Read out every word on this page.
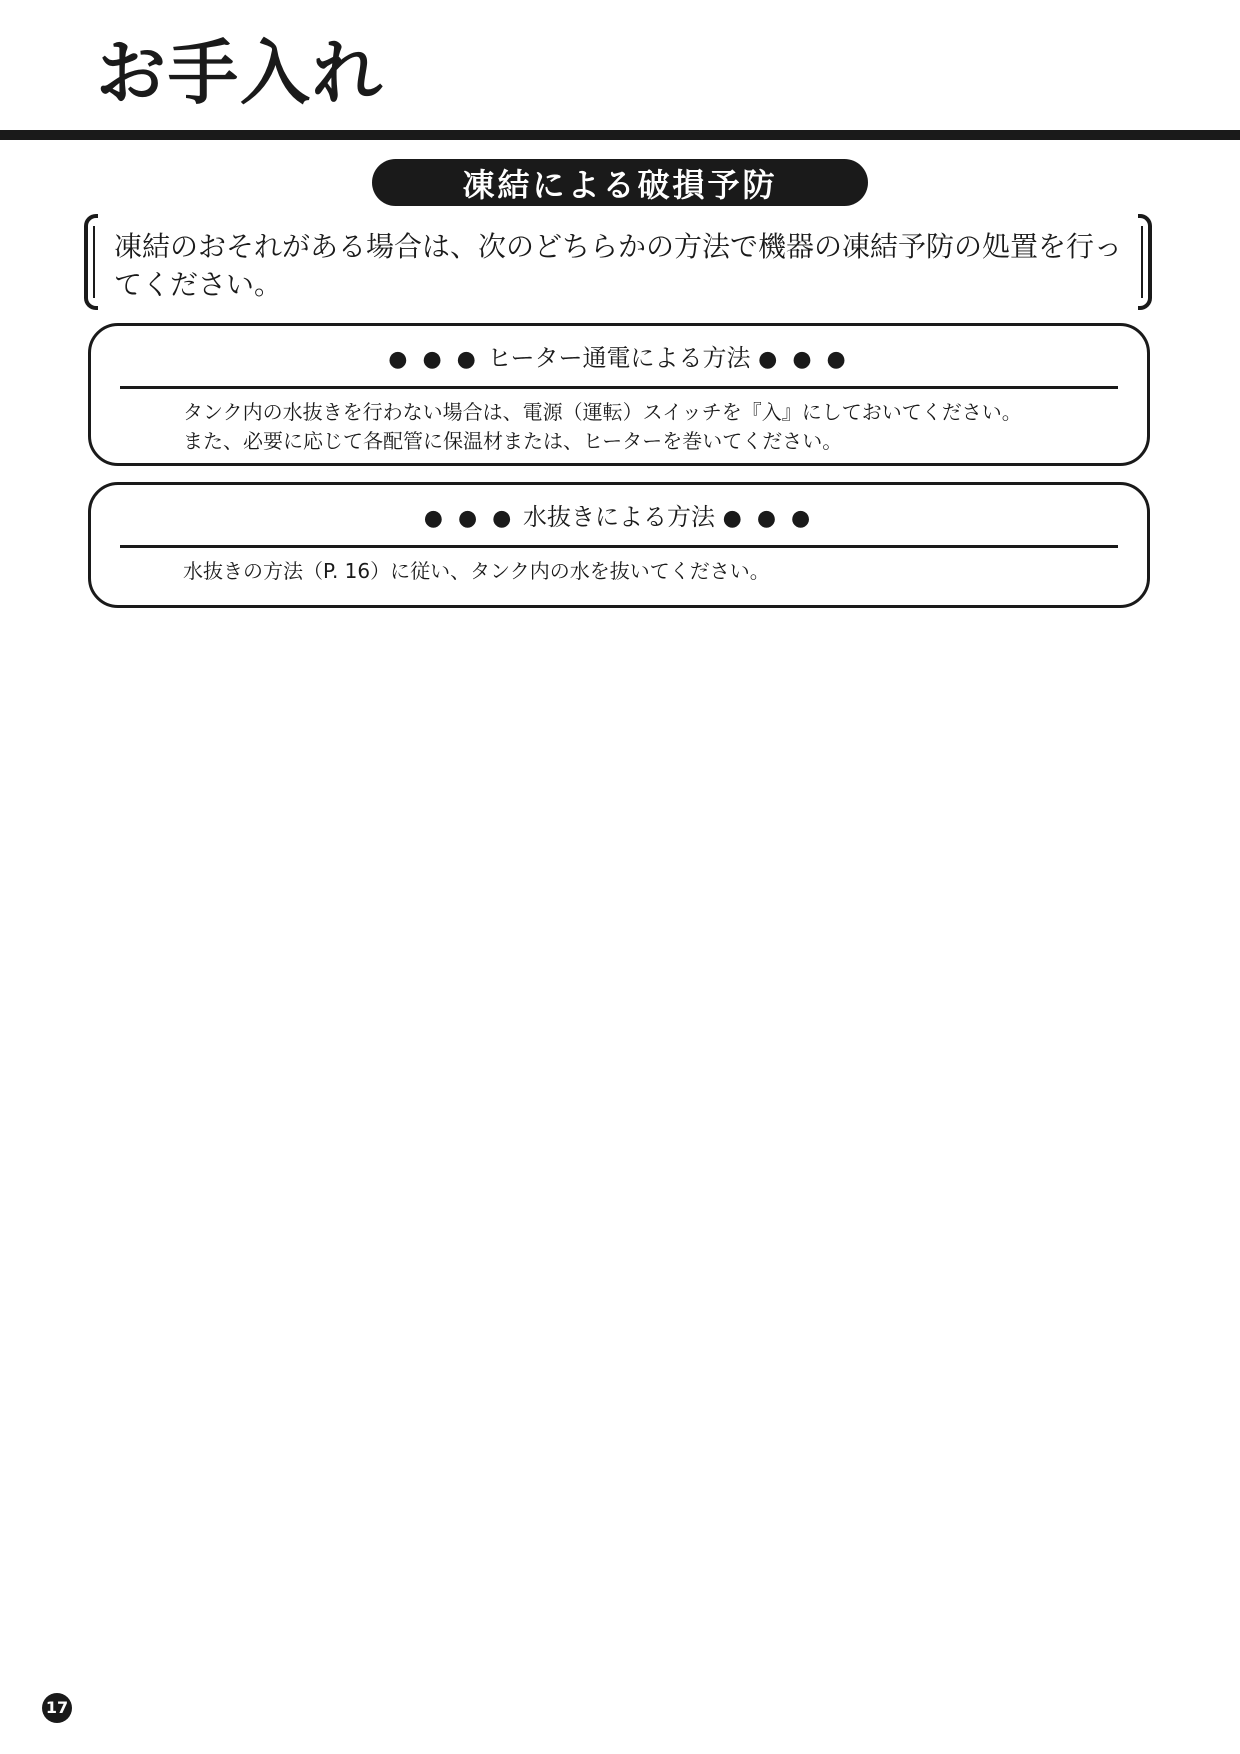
お手入れ
凍結による破損予防
凍結のおそれがある場合は、次のどちらかの方法で機器の凍結予防の処置を行ってください。
● ● ● ヒーター通電による方法 ● ● ●
タンク内の水抜きを行わない場合は、電源（運転）スイッチを『入』にしておいてください。
また、必要に応じて各配管に保温材または、ヒーターを巻いてください。
● ● ● 水抜きによる方法 ● ● ●
水抜きの方法（P. 16）に従い、タンク内の水を抜いてください。
17
